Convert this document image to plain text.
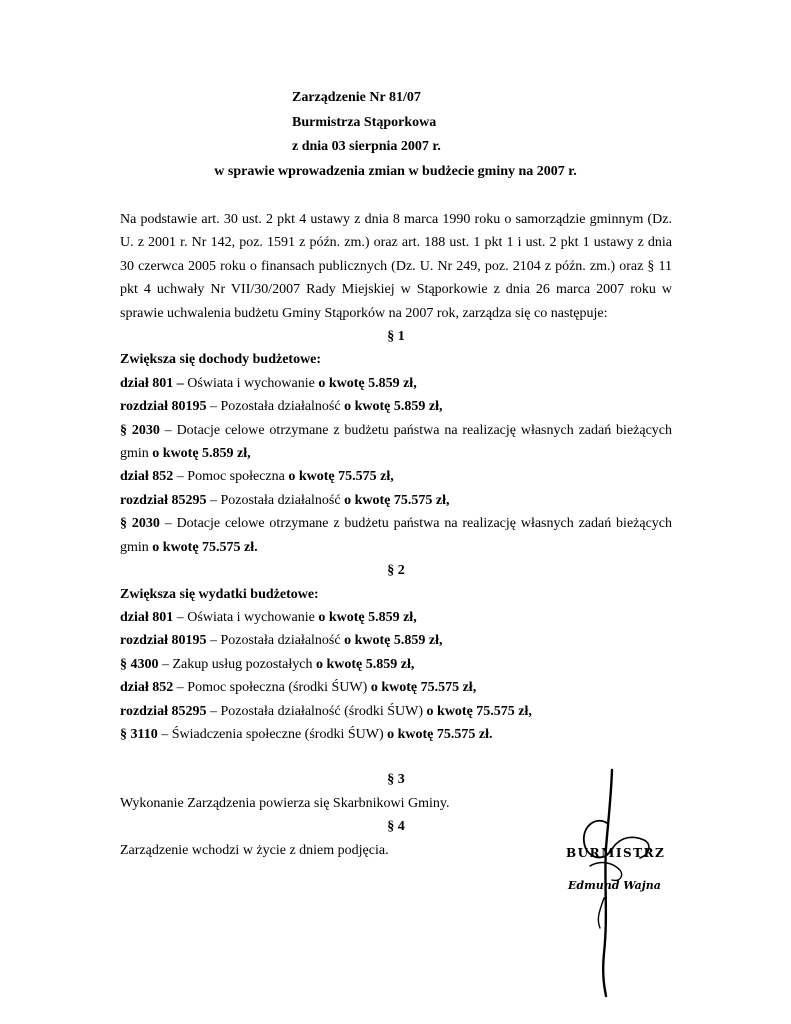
Zarządzenie Nr 81/07
Burmistrza Stąporkowa
z dnia 03 sierpnia 2007 r.
w sprawie wprowadzenia zmian w budżecie gminy na 2007 r.

Na podstawie art. 30 ust. 2 pkt 4 ustawy z dnia 8 marca 1990 roku o samorządzie gminnym (Dz. U. z 2001 r. Nr 142, poz. 1591 z późn. zm.) oraz art. 188 ust. 1 pkt 1 i ust. 2 pkt 1 ustawy z dnia 30 czerwca 2005 roku o finansach publicznych (Dz. U. Nr 249, poz. 2104 z późn. zm.) oraz § 11 pkt 4 uchwały Nr VII/30/2007 Rady Miejskiej w Stąporkowie z dnia 26 marca 2007 roku w sprawie uchwalenia budżetu Gminy Stąporków na 2007 rok, zarządza się co następuje:

§ 1

Zwiększa się dochody budżetowe:

dział 801 – Oświata i wychowanie o kwotę 5.859 zł,

rozdział 80195 – Pozostała działalność o kwotę 5.859 zł,

§ 2030 – Dotacje celowe otrzymane z budżetu państwa na realizację własnych zadań bieżących gmin o kwotę 5.859 zł,

dział 852 – Pomoc społeczna o kwotę 75.575 zł,

rozdział 85295 – Pozostała działalność o kwotę 75.575 zł,

§ 2030 – Dotacje celowe otrzymane z budżetu państwa na realizację własnych zadań bieżących gmin o kwotę 75.575 zł.

§ 2

Zwiększa się wydatki budżetowe:

dział 801 – Oświata i wychowanie o kwotę 5.859 zł,

rozdział 80195 – Pozostała działalność o kwotę 5.859 zł,

§ 4300 – Zakup usług pozostałych o kwotę 5.859 zł,

dział 852 – Pomoc społeczna (środki ŚUW) o kwotę 75.575 zł,

rozdział 85295 – Pozostała działalność (środki ŚUW) o kwotę 75.575 zł,

§ 3110 – Świadczenia społeczne (środki ŚUW) o kwotę 75.575 zł.

§ 3

Wykonanie Zarządzenia powierza się Skarbnikowi Gminy.

§ 4

Zarządzenie wchodzi w życie z dniem podjęcia.	BURMISTRZ
Edmund Wajna
